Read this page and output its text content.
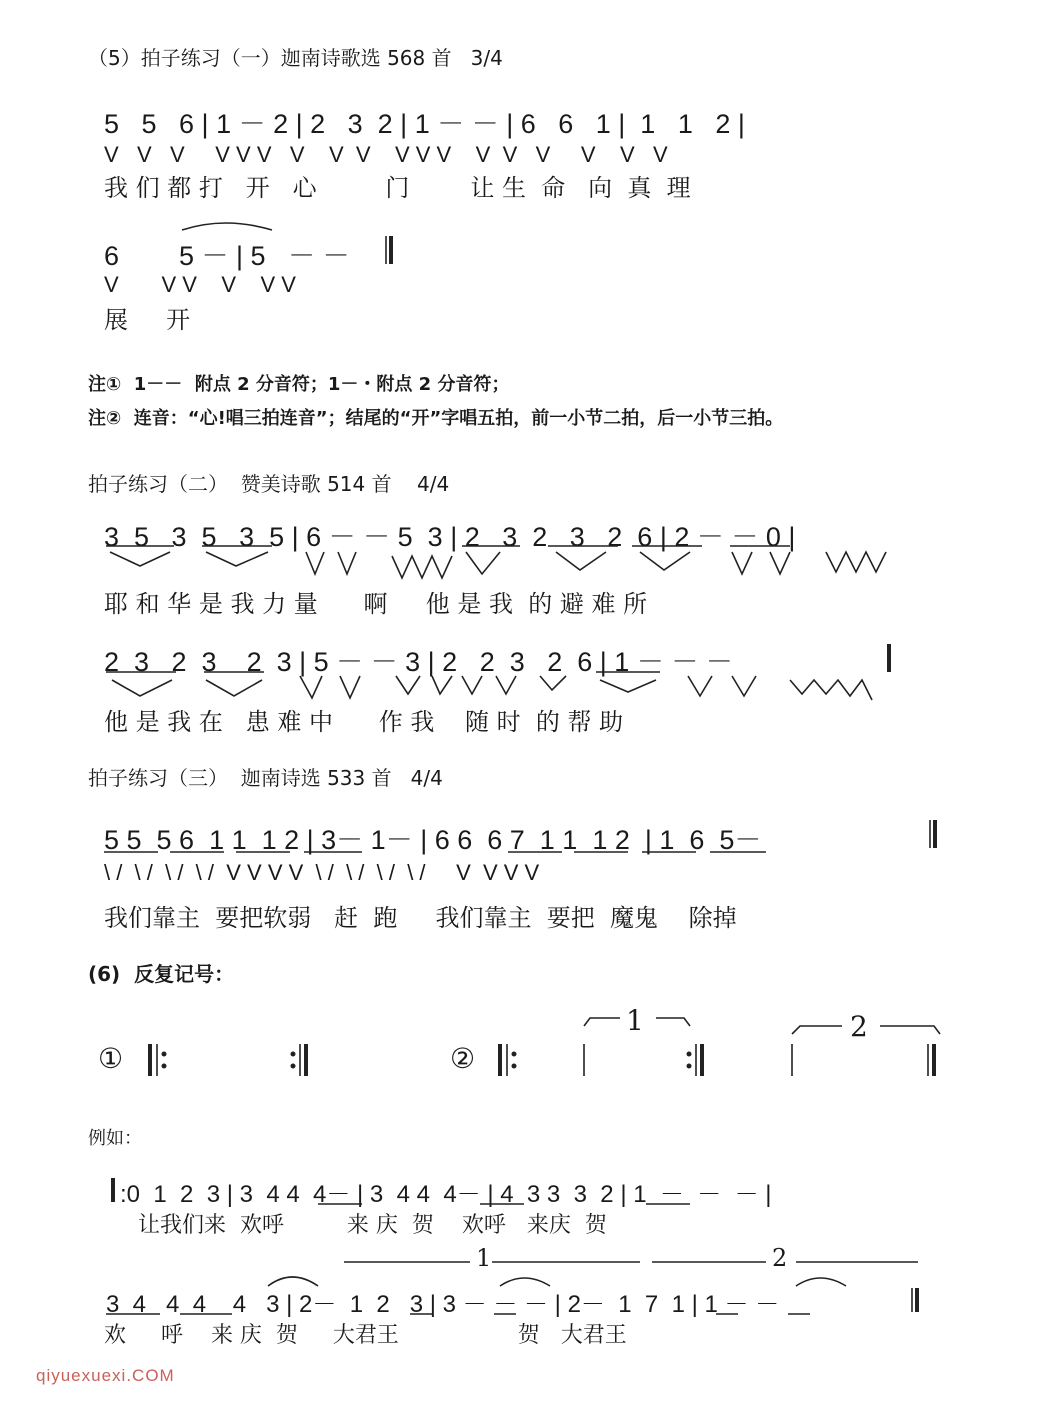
（5）拍子练习（一）迦南诗歌选 568 首   3/4
5   5   6 | 1 － 2 | 2   3  2 | 1 － － | 6   6   1 |  1   1   2 |
V   V   V     V V V   V    V  V    V V V    V  V   V     V    V   V
我 们 都 打   开   心         门        让 生  命   向  真  理
6        5 － | 5   － －
V       V V    V    V V
展     开
注①  1－－  附点 2 分音符；1－・附点 2 分音符；
注②  连音：“心!唱三拍连音”；结尾的“开”字唱五拍，前一小节二拍，后一小节三拍。
拍子练习（二）  赞美诗歌 514 首    4/4
3  5   3  5   3  5 | 6 － － 5  3 | 2   3  2   3   2  6 | 2 － － 0 |
耶 和 华 是 我 力 量      啊     他 是 我  的 避 难 所
2  3   2  3    2  3 | 5 － － 3 | 2   2  3   2  6 | 1 － － －
他 是 我 在   患 难 中      作 我    随 时  的 帮 助
拍子练习（三）  迦南诗选 533 首   4/4
5 5  5 6  1 1  1 2 | 3－ 1－ | 6 6  6 7  1 1  1 2  | 1  6  5－
\ /  \ /  \ /  \ /  V V V V  \ /  \ /  \ /  \ /     V  V V V
我们靠主  要把软弱   赶  跑     我们靠主  要把  魔鬼    除掉
(6)  反复记号：
①	②
1	2
例如：
:0  1  2  3 | 3  4 4  4－ | 3  4 4  4－ | 4  3 3  3  2 | 1  －  －  － |
让我们来  欢呼         来 庆  贺    欢呼   来庆  贺
1	2
3  4   4  4    4   3 | 2－  1  2   3 | 3 － － － | 2－  1  7  1 | 1 － －
欢     呼    来 庆  贺     大君王                 贺   大君王
qiyuexuexi.COM
